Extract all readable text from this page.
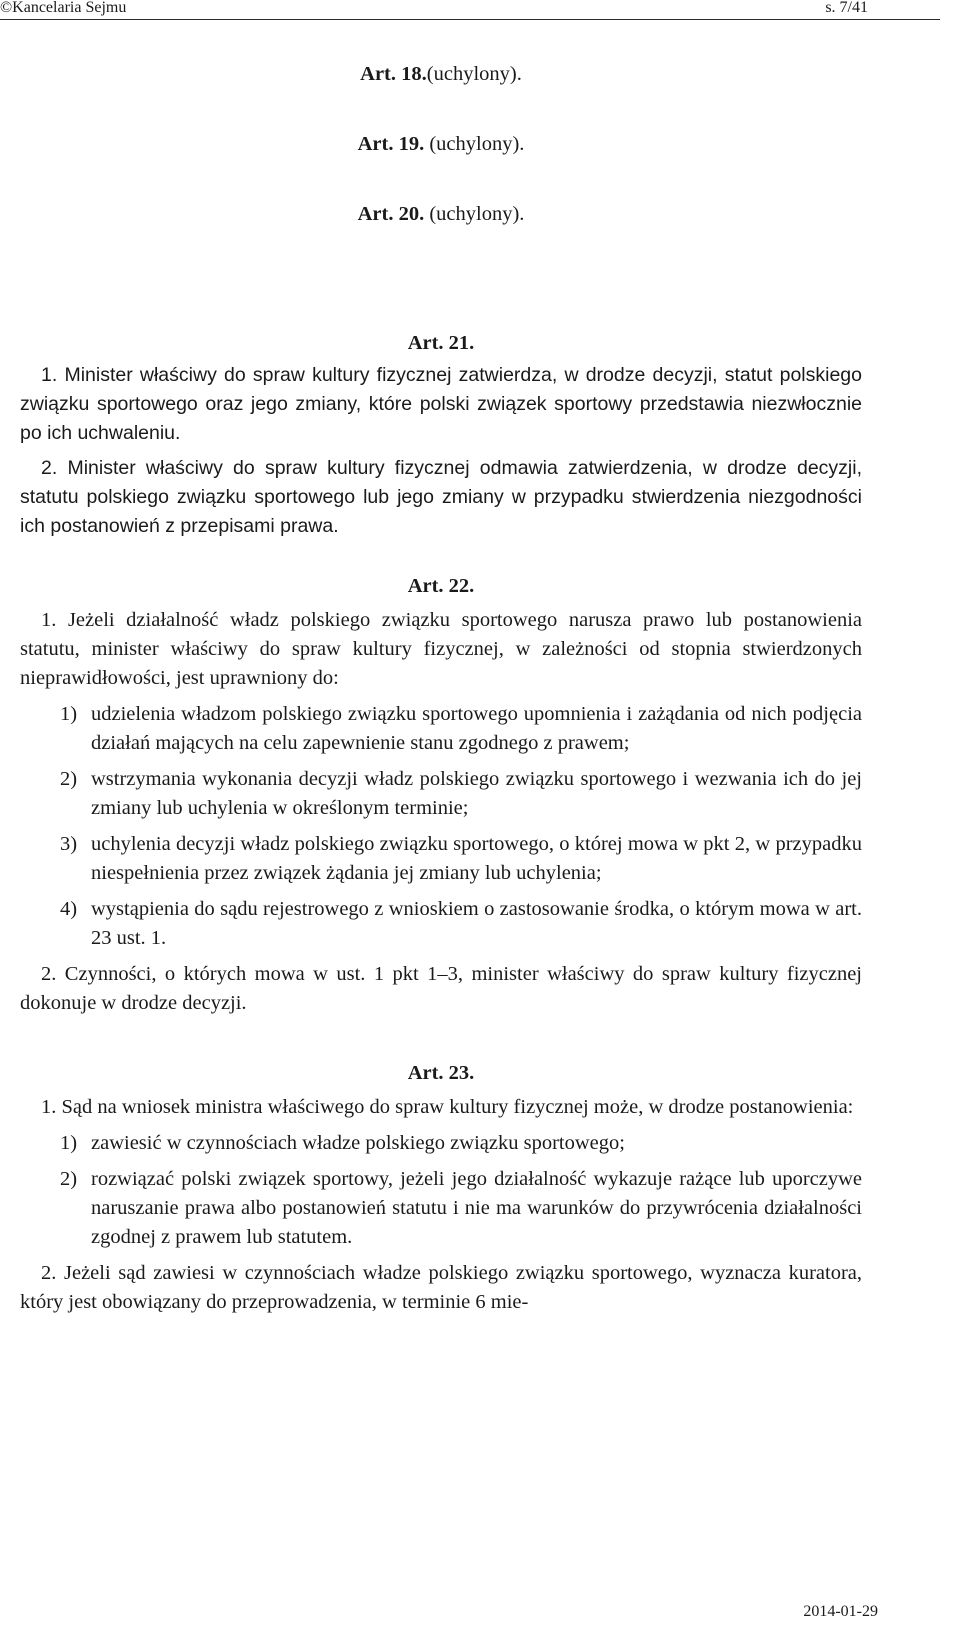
©Kancelaria Sejmu	s. 7/41

Art. 18.(uchylony).

Art. 19. (uchylony).

Art. 20. (uchylony).

Art. 21.

1. Minister właściwy do spraw kultury fizycznej zatwierdza, w drodze decyzji, statut polskiego związku sportowego oraz jego zmiany, które polski związek sportowy przedstawia niezwłocznie po ich uchwaleniu.

2. Minister właściwy do spraw kultury fizycznej odmawia zatwierdzenia, w drodze decyzji, statutu polskiego związku sportowego lub jego zmiany w przypadku stwierdzenia niezgodności ich postanowień z przepisami prawa.

Art. 22.

1. Jeżeli działalność władz polskiego związku sportowego narusza prawo lub postanowienia statutu, minister właściwy do spraw kultury fizycznej, w zależności od stopnia stwierdzonych nieprawidłowości, jest uprawniony do:

1) udzielenia władzom polskiego związku sportowego upomnienia i zażądania od nich podjęcia działań mających na celu zapewnienie stanu zgodnego z prawem;
2) wstrzymania wykonania decyzji władz polskiego związku sportowego i wezwania ich do jej zmiany lub uchylenia w określonym terminie;
3) uchylenia decyzji władz polskiego związku sportowego, o której mowa w pkt 2, w przypadku niespełnienia przez związek żądania jej zmiany lub uchylenia;
4) wystąpienia do sądu rejestrowego z wnioskiem o zastosowanie środka, o którym mowa w art. 23 ust. 1.

2. Czynności, o których mowa w ust. 1 pkt 1–3, minister właściwy do spraw kultury fizycznej dokonuje w drodze decyzji.

Art. 23.

1. Sąd na wniosek ministra właściwego do spraw kultury fizycznej może, w drodze postanowienia:

1) zawiesić w czynnościach władze polskiego związku sportowego;
2) rozwiązać polski związek sportowy, jeżeli jego działalność wykazuje rażące lub uporczywe naruszanie prawa albo postanowień statutu i nie ma warunków do przywrócenia działalności zgodnej z prawem lub statutem.

2. Jeżeli sąd zawiesi w czynnościach władze polskiego związku sportowego, wyznacza kuratora, który jest obowiązany do przeprowadzenia, w terminie 6 mie-

2014-01-29
